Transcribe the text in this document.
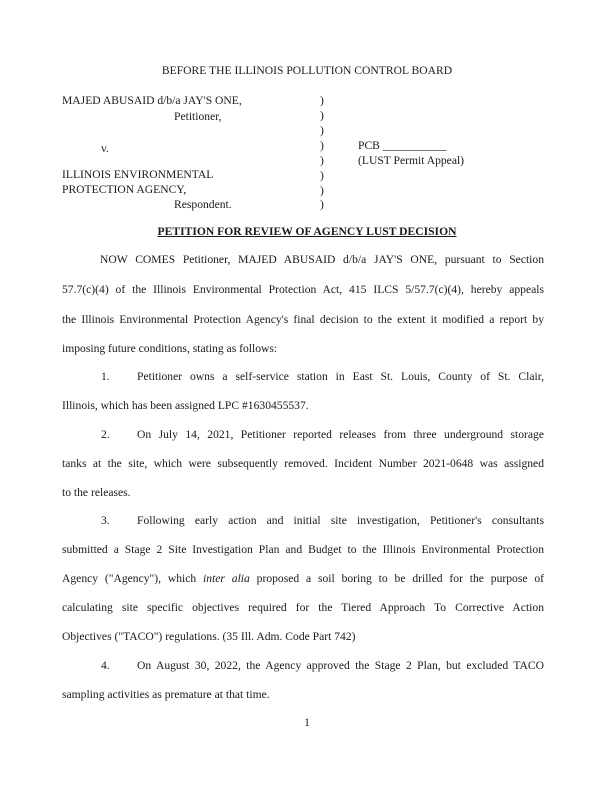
BEFORE THE ILLINOIS POLLUTION CONTROL BOARD
MAJED ABUSAID d/b/a JAY'S ONE,
Petitioner,
v.
ILLINOIS ENVIRONMENTAL
PROTECTION AGENCY,
Respondent.
)
)
)
)
)
)
)
)
PCB ___________
(LUST Permit Appeal)
PETITION FOR REVIEW OF AGENCY LUST DECISION
NOW COMES Petitioner, MAJED ABUSAID d/b/a JAY'S ONE, pursuant to Section
57.7(c)(4) of the Illinois Environmental Protection Act, 415 ILCS 5/57.7(c)(4), hereby appeals
the Illinois Environmental Protection Agency's final decision to the extent it modified a report by
imposing future conditions, stating as follows:
1. Petitioner owns a self-service station in East St. Louis, County of St. Clair,
Illinois, which has been assigned LPC #1630455537.
2. On July 14, 2021, Petitioner reported releases from three underground storage
tanks at the site, which were subsequently removed. Incident Number 2021-0648 was assigned
to the releases.
3. Following early action and initial site investigation, Petitioner's consultants
submitted a Stage 2 Site Investigation Plan and Budget to the Illinois Environmental Protection
Agency ("Agency"), which inter alia proposed a soil boring to be drilled for the purpose of
calculating site specific objectives required for the Tiered Approach To Corrective Action
Objectives ("TACO") regulations. (35 Ill. Adm. Code Part 742)
4. On August 30, 2022, the Agency approved the Stage 2 Plan, but excluded TACO
sampling activities as premature at that time.
1
